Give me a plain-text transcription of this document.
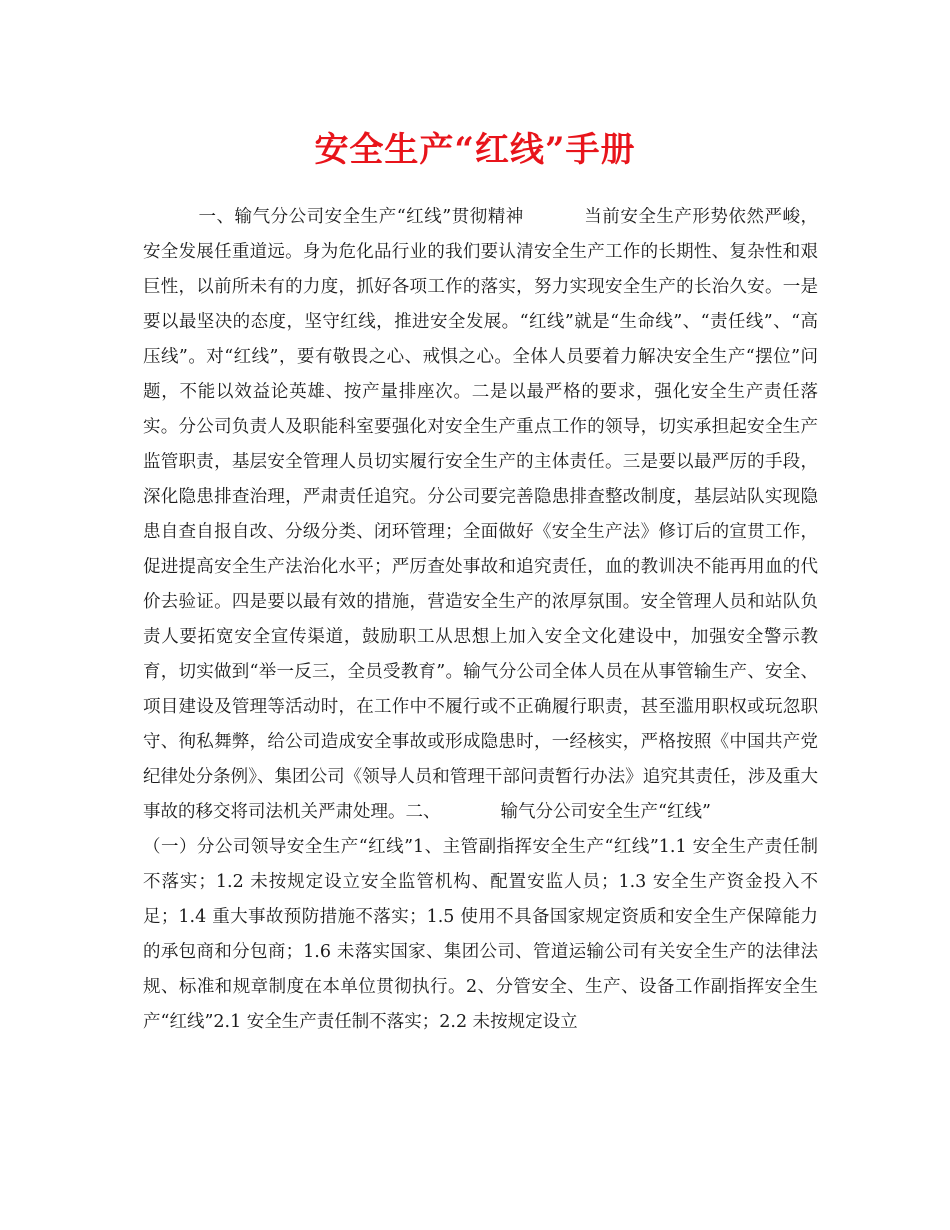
安全生产“红线”手册

一、输气分公司安全生产“红线”贯彻精神	当前安全生产形势依然严峻，安全发展任重道远。身为危化品行业的我们要认清安全生产工作的长期性、复杂性和艰巨性，以前所未有的力度，抓好各项工作的落实，努力实现安全生产的长治久安。一是要以最坚决的态度，坚守红线，推进安全发展。“红线”就是“生命线”、“责任线”、“高压线”。对“红线”，要有敬畏之心、戒惧之心。全体人员要着力解决安全生产“摆位”问题，不能以效益论英雄、按产量排座次。二是以最严格的要求，强化安全生产责任落实。分公司负责人及职能科室要强化对安全生产重点工作的领导，切实承担起安全生产监管职责，基层安全管理人员切实履行安全生产的主体责任。三是要以最严厉的手段，深化隐患排查治理，严肃责任追究。分公司要完善隐患排查整改制度，基层站队实现隐患自查自报自改、分级分类、闭环管理；全面做好《安全生产法》修订后的宣贯工作，促进提高安全生产法治化水平；严厉查处事故和追究责任，血的教训决不能再用血的代价去验证。四是要以最有效的措施，营造安全生产的浓厚氛围。安全管理人员和站队负责人要拓宽安全宣传渠道，鼓励职工从思想上加入安全文化建设中，加强安全警示教育，切实做到“举一反三，全员受教育”。输气分公司全体人员在从事管输生产、安全、项目建设及管理等活动时，在工作中不履行或不正确履行职责，甚至滥用职权或玩忽职守、徇私舞弊，给公司造成安全事故或形成隐患时，一经核实，严格按照《中国共产党纪律处分条例》、集团公司《领导人员和管理干部问责暂行办法》追究其责任，涉及重大事故的移交将司法机关严肃处理。二、	输气分公司安全生产“红线”
（一）分公司领导安全生产“红线”1、主管副指挥安全生产“红线”1.1 安全生产责任制不落实；1.2 未按规定设立安全监管机构、配置安监人员；1.3 安全生产资金投入不足；1.4 重大事故预防措施不落实；1.5 使用不具备国家规定资质和安全生产保障能力的承包商和分包商；1.6 未落实国家、集团公司、管道运输公司有关安全生产的法律法规、标准和规章制度在本单位贯彻执行。2、分管安全、生产、设备工作副指挥安全生产“红线”2.1 安全生产责任制不落实；2.2 未按规定设立
